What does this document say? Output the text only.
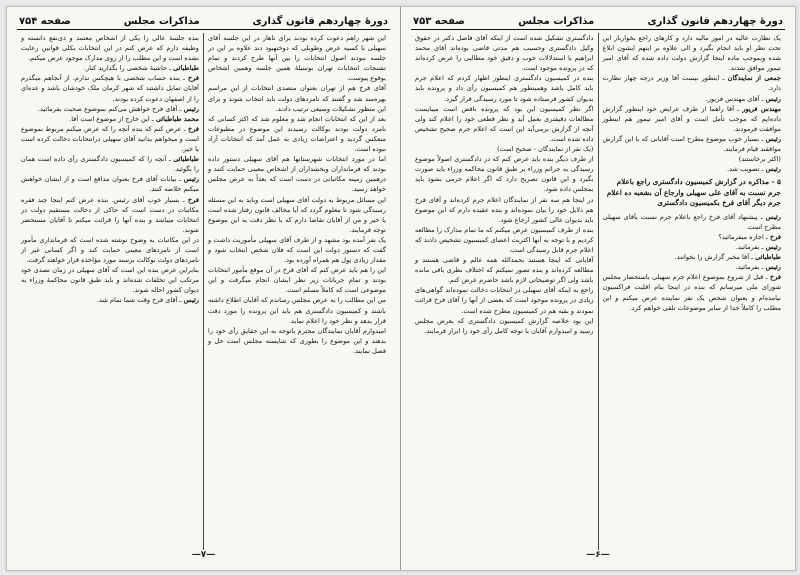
دورهٔ چهاردهم قانون گذاری
مذاکرات مجلس
صفحه ۷۵۴

این شهر راهم دعوت کرده بودند برای ناهار در این جلسه آقای سهیلی با کسیه عرض وطوبلی که دوختهبود دند علاوه بر این در جلسه نبودند اصول انتخابات را بین آنها طرح کردند و تمام تشنجات انتخابات تهران بوسیلهٔ همین جلسه وهمین اشخاص بوقوع پیوست.

آقای فرخ هم از تهران بعنوان متصدی انتخابات از این مراسم بهره‌مند شد و گفتند که نامزدهای دولت باید انتخاب شوند و برای این منظور تشکیلات وسیعی ترتیب دادند.

بعد از این که انتخابات انجام شد و معلوم شد که اکثر کسانی که نامزد دولت بودند بوکالت رسیدند این موضوع در مطبوعات منعکس گردید و اعتراضات زیادی به عمل آمد که انتخابات آزاد نبوده است.

اما در مورد انتخابات شهرستانها هم آقای سهیلی دستور داده بودند که فرمانداران وبخشداران از اشخاص معینی حمایت کنند و درهمین زمینه مکاتباتی در دست است که بعداً به عرض مجلس خواهد رسید.

این مسائل مربوط به دولت آقای سهیلی است وباید به این مسئله رسیدگی شود تا معلوم گردد که آیا مخالف قانون رفتار شده است یا خیر و من از آقایان تقاضا دارم که با نظر دقت به این موضوع توجه فرمایند.

یک نفر آمده بود مشهد و از طرف آقای سهیلی مأموریت داشت و گفت که دستور دولت این است که فلان شخص انتخاب شود و مقدار زیادی پول هم همراه آورده بود.

این را هم باید عرض کنم که آقای فرخ در آن موقع مأمور انتخابات بودند و تمام جریانات زیر نظر ایشان انجام میگرفت و این موضوعی است که کاملاً مسلم است.

من این مطالب را به عرض مجلس رساندم که آقایان اطلاع داشته باشند و کمیسیون دادگستری هم باید این پرونده را مورد دقت قرار بدهد و نظر خود را اعلام نماید.

امیدوارم آقایان نمایندگان محترم باتوجه به این حقایق رأی خود را بدهند و این موضوع را بطوری که شایسته مجلس است حل و فصل نمایند.

بنده جلسهٔ عالی را یکی از اشخاص معتمد و ذی‌نفع دانسته و وظیفه دارم که عرض کنم در این انتخابات بکلی قوانین رعایت نشده است و این مطلب را از روی مدارک موجود عرض میکنم.

طباطبائی ـ حاشیهٔ شخصی را بگذارید کنار.

فرخ ـ بنده حساب شخصی با هیچکس ندارم. از آنجاهم میگذرم آقایان تمایل داشتند که شهر کرمان ملک خودشان باشد و عده‌ای را از اصفهان دعوت کرده بودند.

رئیس ـ آقای فرخ خواهش می‌کنم بموضوع صحبت بفرمائید.

محمد طباطبائی ـ این خارج از موضوع است آقا.

فرخ ـ عرض کنم که بنده آنچه را که عرض میکنم مربوط بموضوع است و میخواهم بدانید آقای سهیلی درانتخابات دخالت کرده است یا خیر.

طباطبائی ـ آنچه را که کمیسیون دادگستری رأی داده است همان را بگوئید.

رئیس ـ بیانات آقای فرخ بعنوان مدافع است و از ایشان خواهش میکنم خلاصه کنند.

فرخ ـ بسیار خوب آقای رئیس. بنده عرض کنم اینجا چند فقره مکاتبات در دست است که حاکی از دخالت مستقیم دولت در انتخابات میباشد و بنده آنها را قرائت میکنم تا آقایان مستحضر شوند.

در این مکاتبات به وضوح نوشته شده است که فرمانداری مأمور است از نامزدهای معینی حمایت کند و اگر کسانی غیر از نامزدهای دولت بوکالت برسند مورد مؤاخذه قرار خواهند گرفت.

بنابراین عرض بنده این است که آقای سهیلی در زمان تصدی خود مرتکب این تخلفات شده‌اند و باید طبق قانون محاکمهٔ وزراء به دیوان کشور احاله شوند.

رئیس ـ آقای فرخ وقت شما تمام شد.

—۷—
دورهٔ چهاردهم قانون گذاری
مذاکرات مجلس
صفحه ۷۵۳

یک نظارت عالیه در امور مالیه دارد و کارهای راجع بخواربار این تحت نظر او باید انجام بگیرد و الی علاوه بر اینهم ایشون ابلاغ شده وبموجب ماده اینجا گزارش دولت داده شده که آقای امیر تیمور موافق شدند.

جمعی از نمایندگان ـ اینطور نیست آقا وزیر درجه چهار نظارت دارد.

رئیس ـ آقای مهندس فریور.

مهندس فریور ـ آقا راهما از طرف عرایض خود اینطور گزارش داده‌ایم که موجب تأمل است و آقای امیر تیمور هم اینطور موافقت فرمودند.

رئیس ـ بسیار خوب موضوع مطرح است آقایانی که با این گزارش موافقند قیام فرمایند.

(اکثر برخاستند)

رئیس ـ تصویب شد.

۵ - مذاکره در گزارش کمیسیون دادگستری راجع باعلام جرم نسبت به آقای علی سهیلی وارجاع آن بشعبه ده اعلام جرم دیگر آقای فرخ بکمیسیون دادگستری

رئیس ـ پیشنهاد آقای فرخ راجع باعلام جرم نسبت بآقای سهیلی مطرح است.

فرخ ـ اجازه میفرمائید؟

رئیس ـ بفرمائید.

طباطبائی ـ آقا مخبر گزارش را بخوانند.

رئیس ـ بفرمائید.

فرخ ـ قبل از شروع بموضوع اعلام جرم سهیلی باستحضار مجلس شورای ملی میرسانم که بنده در اینجا بنام اقلیت فراکسیون نیامده‌ام و بعنوان شخص یک نفر نماینده عرض میکنم و این مطلب را کاملاً جدا از سایر موضوعات تلقی خواهم کرد.

دادگستری تشکیل شده است از اینکه آقای فاضل دکتر در حقوق وکیل دادگستری وحسیب هم مدتی قاضی بوده‌اند آقای محمد ابراهیم با استدلالات خوب و دقیق خود مطالبی را عرض کرده‌اند که در پرونده موجود است.

بنده در کمیسیون دادگستری اینطور اظهار کردم که اعلام جرم باید کامل باشد وهمینطور هم کمیسیون رأی داد و پرونده باید بدیوان کشور فرستاده شود تا مورد رسیدگی قرار گیرد.

اگر نظر کمیسیون این بود که پرونده ناقص است میبایست مطالعات دقیقتری بعمل آید و نظر قطعی خود را اعلام کند ولی آنچه از گزارش برمی‌آید این است که اعلام جرم صحیح تشخیص داده شده است.

(یک نفر از نمایندگان - صحیح است)

از طرف دیگر بنده باید عرض کنم که در دادگستری اصولاً موضوع رسیدگی به جرائم وزراء بر طبق قانون محاکمه وزراء باید صورت بگیرد و این قانون تصریح دارد که اگر اعلام جرمی بشود باید بمجلس داده شود.

در اینجا هم سه نفر از نمایندگان اعلام جرم کرده‌اند و آقای فرخ هم دلایل خود را بیان نموده‌اند و بنده عقیده دارم که این موضوع باید بدیوان عالی کشور ارجاع شود.

بنده از طرف کمیسیون عرض میکنم که ما تمام مدارک را مطالعه کردیم و با توجه به آنها اکثریت اعضای کمیسیون تشخیص دادند که اعلام جرم قابل رسیدگی است.

آقایانی که اینجا هستند بحمدالله همه عالم و قاضی هستند و مطالعه کرده‌اند و بنده تصور نمیکنم که اختلاف نظری باقی مانده باشد ولی اگر توضیحاتی لازم باشد حاضرم عرض کنم.

راجع به اینکه آقای سهیلی در انتخابات دخالت نموده‌اند گواهی‌های زیادی در پرونده موجود است که بعضی از آنها را آقای فرخ قرائت نمودند و بقیه هم در کمیسیون مطرح شده است.

این بود خلاصه گزارش کمیسیون دادگستری که بعرض مجلس رسید و امیدوارم آقایان با توجه کامل رأی خود را ابراز فرمایند.

—۶—
